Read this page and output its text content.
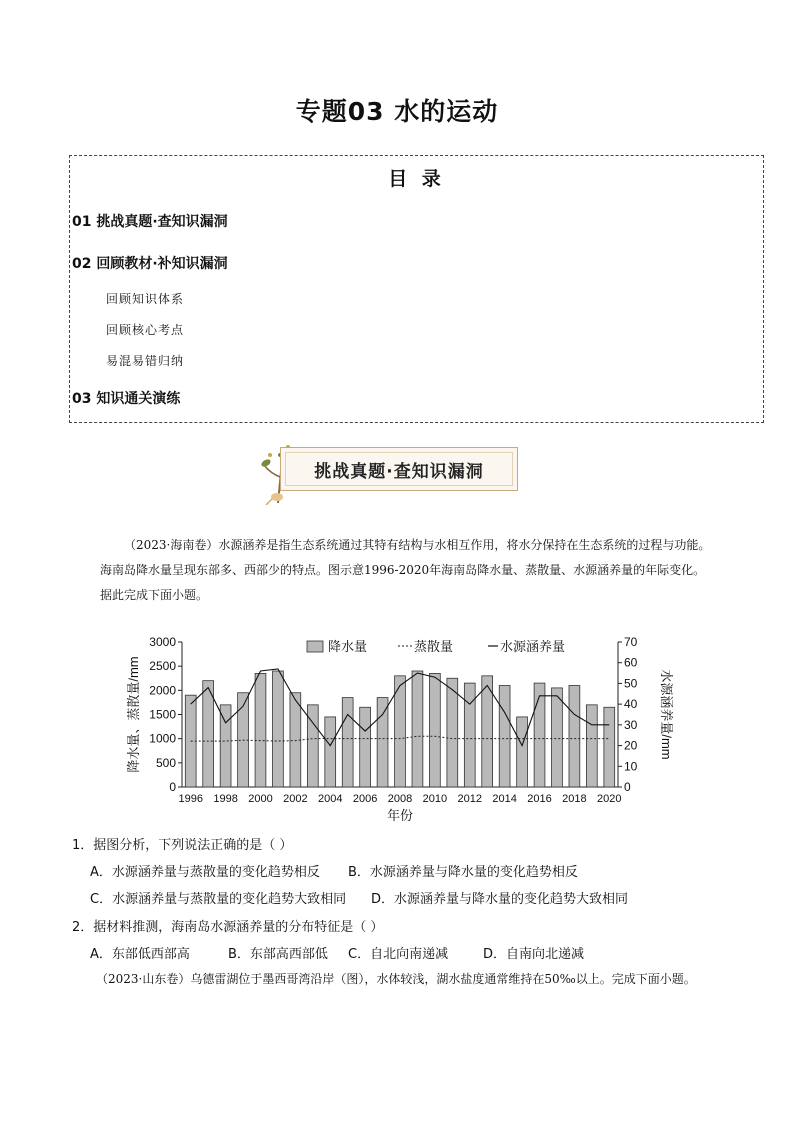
专题03 水的运动
目 录
01 挑战真题·查知识漏洞
02 回顾教材·补知识漏洞
回顾知识体系
回顾核心考点
易混易错归纳
03 知识通关演练
挑战真题·查知识漏洞
（2023·海南卷）水源涵养是指生态系统通过其特有结构与水相互作用，将水分保持在生态系统的过程与功能。海南岛降水量呈现东部多、西部少的特点。图示意1996-2020年海南岛降水量、蒸散量、水源涵养量的年际变化。据此完成下面小题。
0
500
1000
1500
2000
2500
3000
0
10
20
30
40
50
60
70
1996 1998 2000 2002 2004 2006 2008 2010 2012 2014 2016 2018 2020
年份
降水量、蒸散量/mm	水源涵养量/mm
降水量	蒸散量	水源涵养量
1．据图分析，下列说法正确的是（ ）
A．水源涵养量与蒸散量的变化趋势相反 B．水源涵养量与降水量的变化趋势相反
C．水源涵养量与蒸散量的变化趋势大致相同 D．水源涵养量与降水量的变化趋势大致相同
2．据材料推测，海南岛水源涵养量的分布特征是（ ）
A．东部低西部高	B．东部高西部低 C．自北向南递减	D．自南向北递减
（2023·山东卷）乌德雷湖位于墨西哥湾沿岸（图），水体较浅，湖水盐度通常维持在50‰以上。完成下面小题。
